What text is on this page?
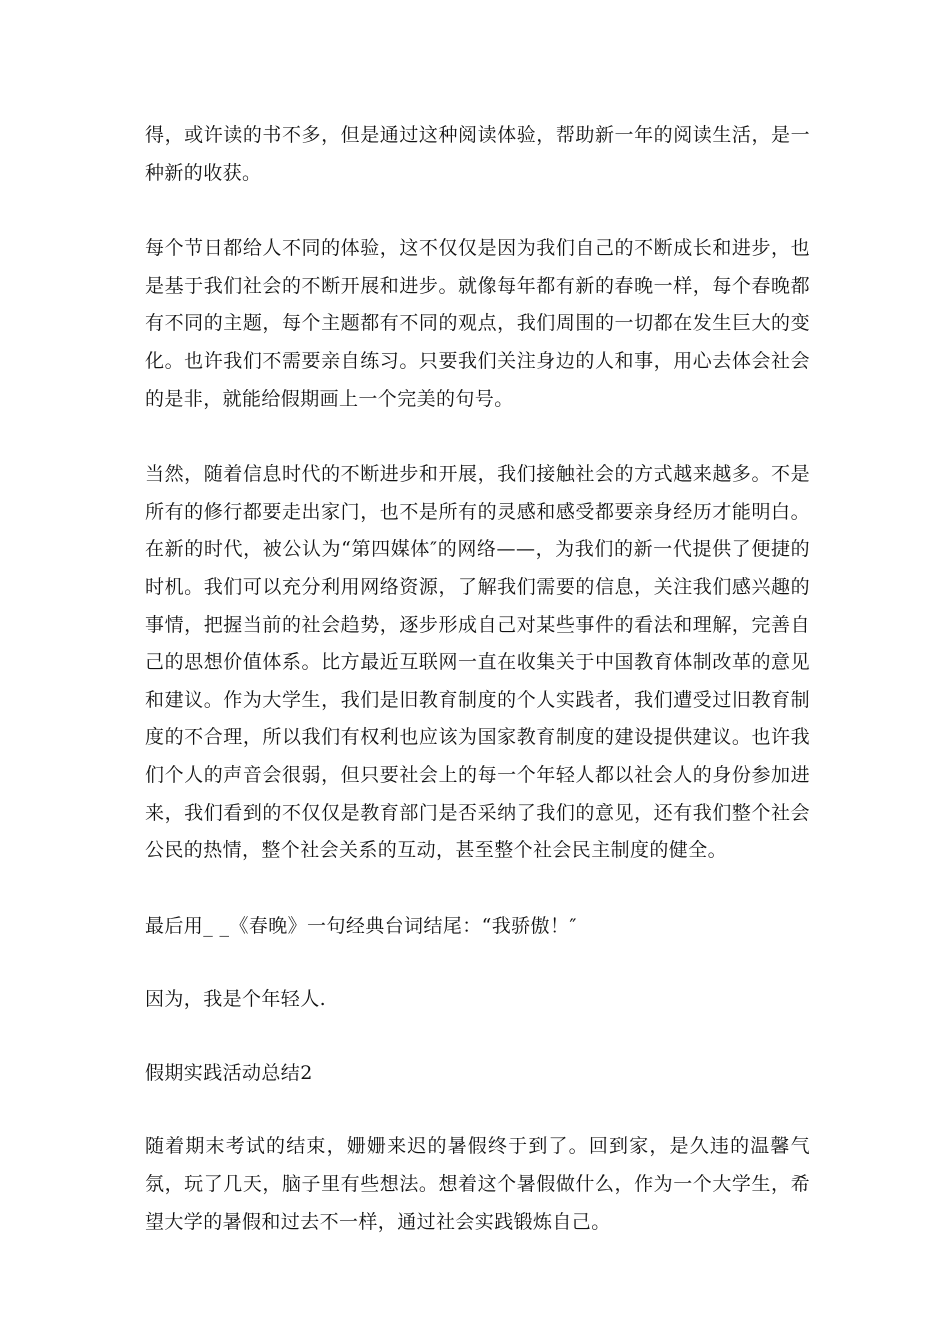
得，或许读的书不多，但是通过这种阅读体验，帮助新一年的阅读生活，是一种新的收获。

每个节日都给人不同的体验，这不仅仅是因为我们自己的不断成长和进步，也是基于我们社会的不断开展和进步。就像每年都有新的春晚一样，每个春晚都有不同的主题，每个主题都有不同的观点，我们周围的一切都在发生巨大的变化。也许我们不需要亲自练习。只要我们关注身边的人和事，用心去体会社会的是非，就能给假期画上一个完美的句号。

当然，随着信息时代的不断进步和开展，我们接触社会的方式越来越多。不是所有的修行都要走出家门，也不是所有的灵感和感受都要亲身经历才能明白。在新的时代，被公认为“第四媒体″的网络——，为我们的新一代提供了便捷的时机。我们可以充分利用网络资源，了解我们需要的信息，关注我们感兴趣的事情，把握当前的社会趋势，逐步形成自己对某些事件的看法和理解，完善自己的思想价值体系。比方最近互联网一直在收集关于中国教育体制改革的意见和建议。作为大学生，我们是旧教育制度的个人实践者，我们遭受过旧教育制度的不合理，所以我们有权利也应该为国家教育制度的建设提供建议。也许我们个人的声音会很弱，但只要社会上的每一个年轻人都以社会人的身份参加进来，我们看到的不仅仅是教育部门是否采纳了我们的意见，还有我们整个社会公民的热情，整个社会关系的互动，甚至整个社会民主制度的健全。

最后用_ _《春晚》一句经典台词结尾：“我骄傲！″

因为，我是个年轻人.

假期实践活动总结2

随着期末考试的结束，姗姗来迟的暑假终于到了。回到家，是久违的温馨气氛，玩了几天，脑子里有些想法。想着这个暑假做什么，作为一个大学生，希望大学的暑假和过去不一样，通过社会实践锻炼自己。
